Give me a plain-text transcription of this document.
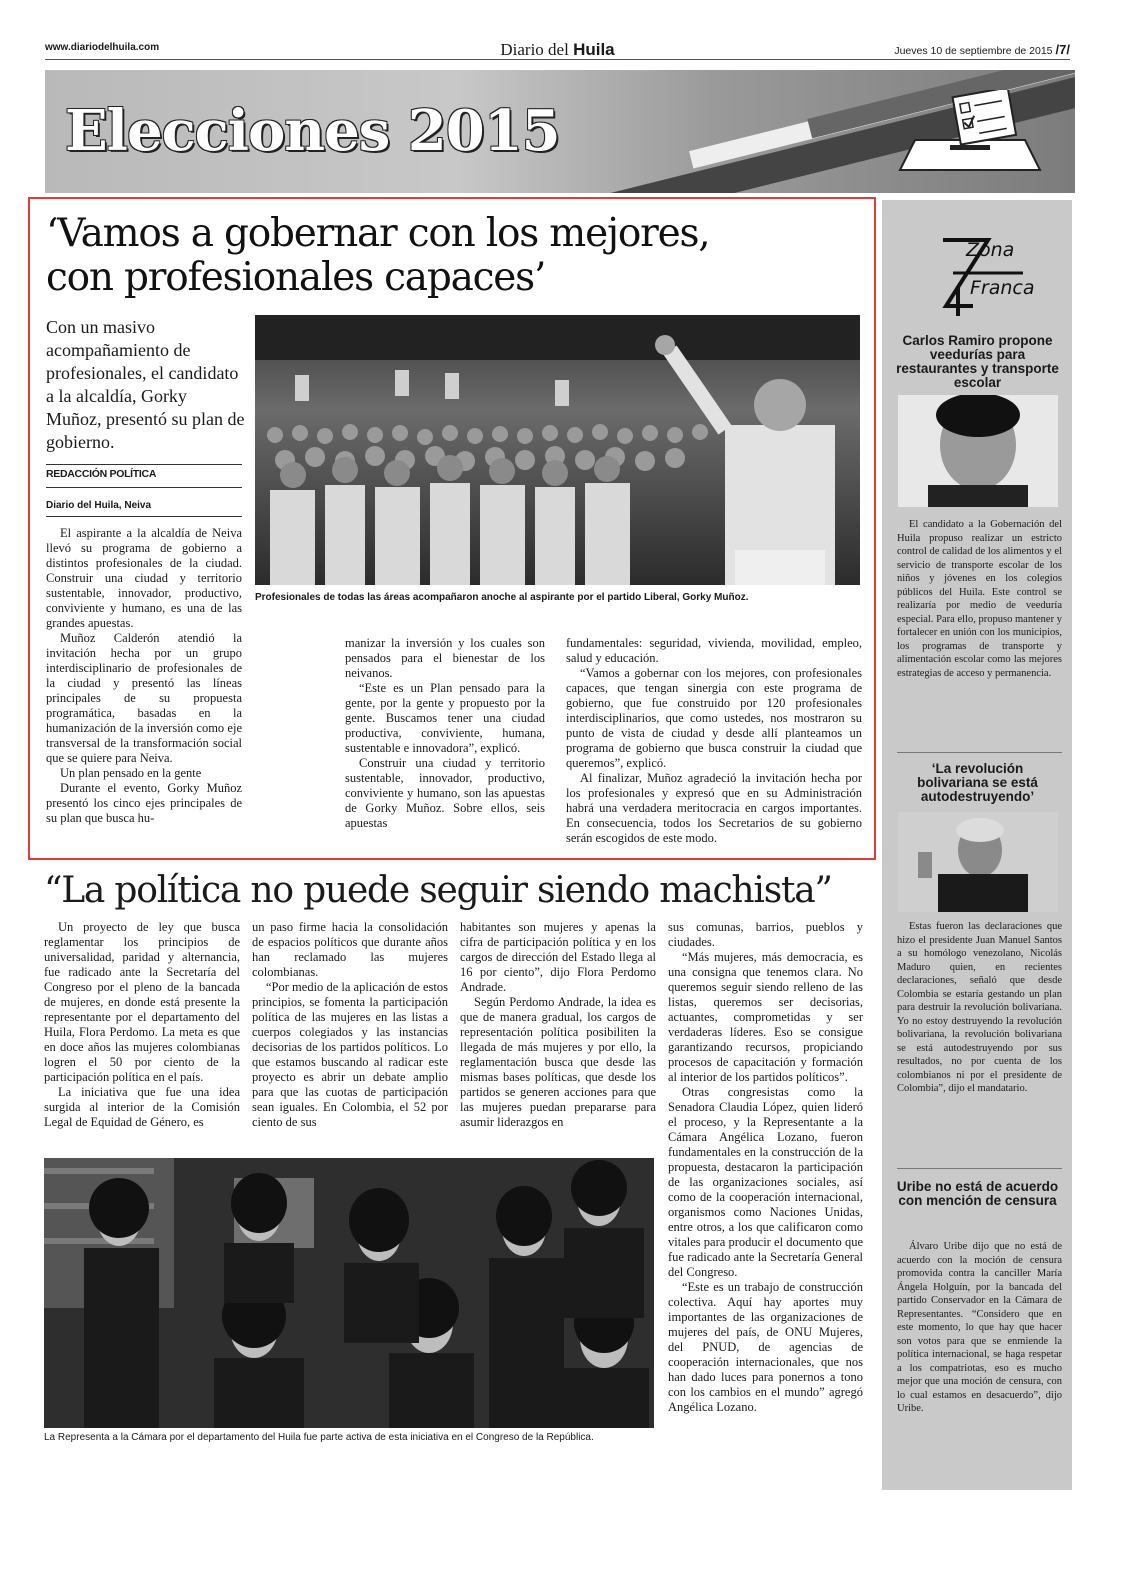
www.diariodelhuila.com	Diario del Huila	Jueves 10 de septiembre de 2015 /7/
Elecciones 2015
‘Vamos a gobernar con los mejores,
con profesionales capaces’
Con un masivo acompañamiento de profesionales, el candidato a la alcaldía, Gorky Muñoz, presentó su plan de gobierno.
REDACCIÓN POLÍTICA
Diario del Huila, Neiva
Profesionales de todas las áreas acompañaron anoche al aspirante por el partido Liberal, Gorky Muñoz.

El aspirante a la alcaldía de Neiva llevó su programa de gobierno a distintos profesionales de la ciudad. Construir una ciudad y territorio sustentable, innovador, productivo, conviviente y humano, es una de las grandes apuestas.

Muñoz Calderón atendió la invitación hecha por un grupo interdisciplinario de profesionales de la ciudad y presentó las líneas principales de su propuesta programática, basadas en la humanización de la inversión como eje transversal de la transformación social que se quiere para Neiva.

Un plan pensado en la gente

Durante el evento, Gorky Muñoz presentó los cinco ejes principales de su plan que busca hu-

manizar la inversión y los cuales son pensados para el bienestar de los neivanos.

“Este es un Plan pensado para la gente, por la gente y propuesto por la gente. Buscamos tener una ciudad productiva, conviviente, humana, sustentable e innovadora”, explicó.

Construir una ciudad y territorio sustentable, innovador, productivo, conviviente y humano, son las apuestas de Gorky Muñoz. Sobre ellos, seis apuestas

fundamentales: seguridad, vivienda, movilidad, empleo, salud y educación.

“Vamos a gobernar con los mejores, con profesionales capaces, que tengan sinergia con este programa de gobierno, que fue construido por 120 profesionales interdisciplinarios, que como ustedes, nos mostraron su punto de vista de ciudad y desde allí planteamos un programa de gobierno que busca construir la ciudad que queremos”, explicó.

Al finalizar, Muñoz agradeció la invitación hecha por los profesionales y expresó que en su Administración habrá una verdadera meritocracia en cargos importantes. En consecuencia, todos los Secretarios de su gobierno serán escogidos de este modo.

“La política no puede seguir siendo machista”

Un proyecto de ley que busca reglamentar los principios de universalidad, paridad y alternancia, fue radicado ante la Secretaría del Congreso por el pleno de la bancada de mujeres, en donde está presente la representante por el departamento del Huila, Flora Perdomo. La meta es que en doce años las mujeres colombianas logren el 50 por ciento de la participación política en el país.

La iniciativa que fue una idea surgida al interior de la Comisión Legal de Equidad de Género, es

un paso firme hacia la consolidación de espacios políticos que durante años han reclamado las mujeres colombianas.

“Por medio de la aplicación de estos principios, se fomenta la participación política de las mujeres en las listas a cuerpos colegiados y las instancias decisorias de los partidos políticos. Lo que estamos buscando al radicar este proyecto es abrir un debate amplio para que las cuotas de participación sean iguales. En Colombia, el 52 por ciento de sus

habitantes son mujeres y apenas la cifra de participación política y en los cargos de dirección del Estado llega al 16 por ciento”, dijo Flora Perdomo Andrade.

Según Perdomo Andrade, la idea es que de manera gradual, los cargos de representación política posibiliten la llegada de más mujeres y por ello, la reglamentación busca que desde las mismas bases políticas, que desde los partidos se generen acciones para que las mujeres puedan prepararse para asumir liderazgos en

sus comunas, barrios, pueblos y ciudades.

“Más mujeres, más democracia, es una consigna que tenemos clara. No queremos seguir siendo relleno de las listas, queremos ser decisorias, actuantes, comprometidas y ser verdaderas líderes. Eso se consigue garantizando recursos, propiciando procesos de capacitación y formación al interior de los partidos políticos”.

Otras congresistas como la Senadora Claudia López, quien lideró el proceso, y la Representante a la Cámara Angélica Lozano, fueron fundamentales en la construcción de la propuesta, destacaron la participación de las organizaciones sociales, así como de la cooperación internacional, organismos como Naciones Unidas, entre otros, a los que calificaron como vitales para producir el documento que fue radicado ante la Secretaría General del Congreso.

“Este es un trabajo de construcción colectiva. Aquí hay aportes muy importantes de las organizaciones de mujeres del país, de ONU Mujeres, del PNUD, de agencias de cooperación internacionales, que nos han dado luces para ponernos a tono con los cambios en el mundo” agregó Angélica Lozano.

La Representa a la Cámara por el departamento del Huila fue parte activa de esta iniciativa en el Congreso de la República.
Zona
Franca
Carlos Ramiro propone veedurías para restaurantes y transporte escolar

El candidato a la Gobernación del Huila propuso realizar un estricto control de calidad de los alimentos y el servicio de transporte escolar de los niños y jóvenes en los colegios públicos del Huila. Este control se realizaría por medio de veeduría especial. Para ello, propuso mantener y fortalecer en unión con los municipios, los programas de transporte y alimentación escolar como las mejores estrategias de acceso y permanencia.

‘La revolución bolivariana se está autodestruyendo’

Estas fueron las declaraciones que hizo el presidente Juan Manuel Santos a su homólogo venezolano, Nicolás Maduro quien, en recientes declaraciones, señaló que desde Colombia se estaría gestando un plan para destruir la revolución bolivariana. Yo no estoy destruyendo la revolución bolivariana, la revolución bolivariana se está autodestruyendo por sus resultados, no por cuenta de los colombianos ni por el presidente de Colombia”, dijo el mandatario.

Uribe no está de acuerdo con mención de censura

Álvaro Uribe dijo que no está de acuerdo con la moción de censura promovida contra la canciller María Ángela Holguín, por la bancada del partido Conservador en la Cámara de Representantes. “Considero que en este momento, lo que hay que hacer son votos para que se enmiende la política internacional, se haga respetar a los compatriotas, eso es mucho mejor que una moción de censura, con lo cual estamos en desacuerdo”, dijo Uribe.
